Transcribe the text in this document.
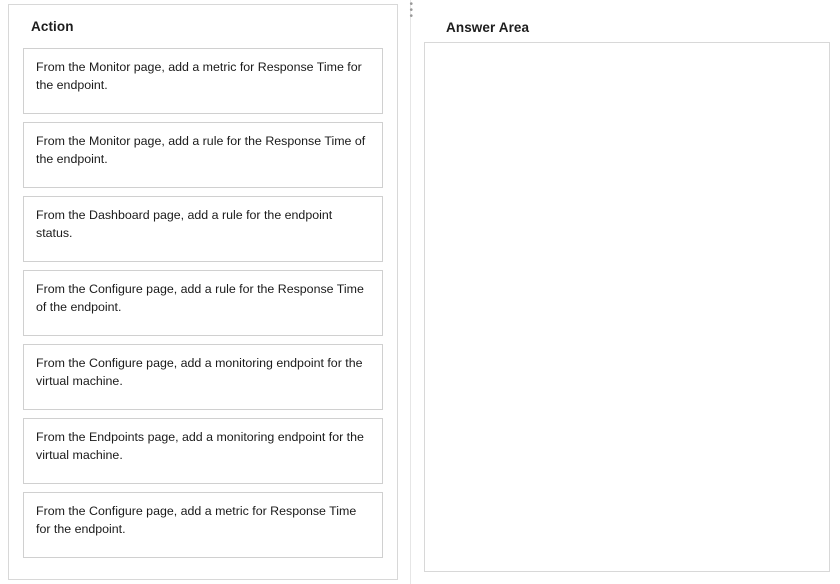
Action
From the Monitor page, add a metric for Response Time for the endpoint.
From the Monitor page, add a rule for the Response Time of the endpoint.
From the Dashboard page, add a rule for the endpoint status.
From the Configure page, add a rule for the Response Time of the endpoint.
From the Configure page, add a monitoring endpoint for the virtual machine.
From the Endpoints page, add a monitoring endpoint for the virtual machine.
From the Configure page, add a metric for Response Time for the endpoint.
• • •
Answer Area
